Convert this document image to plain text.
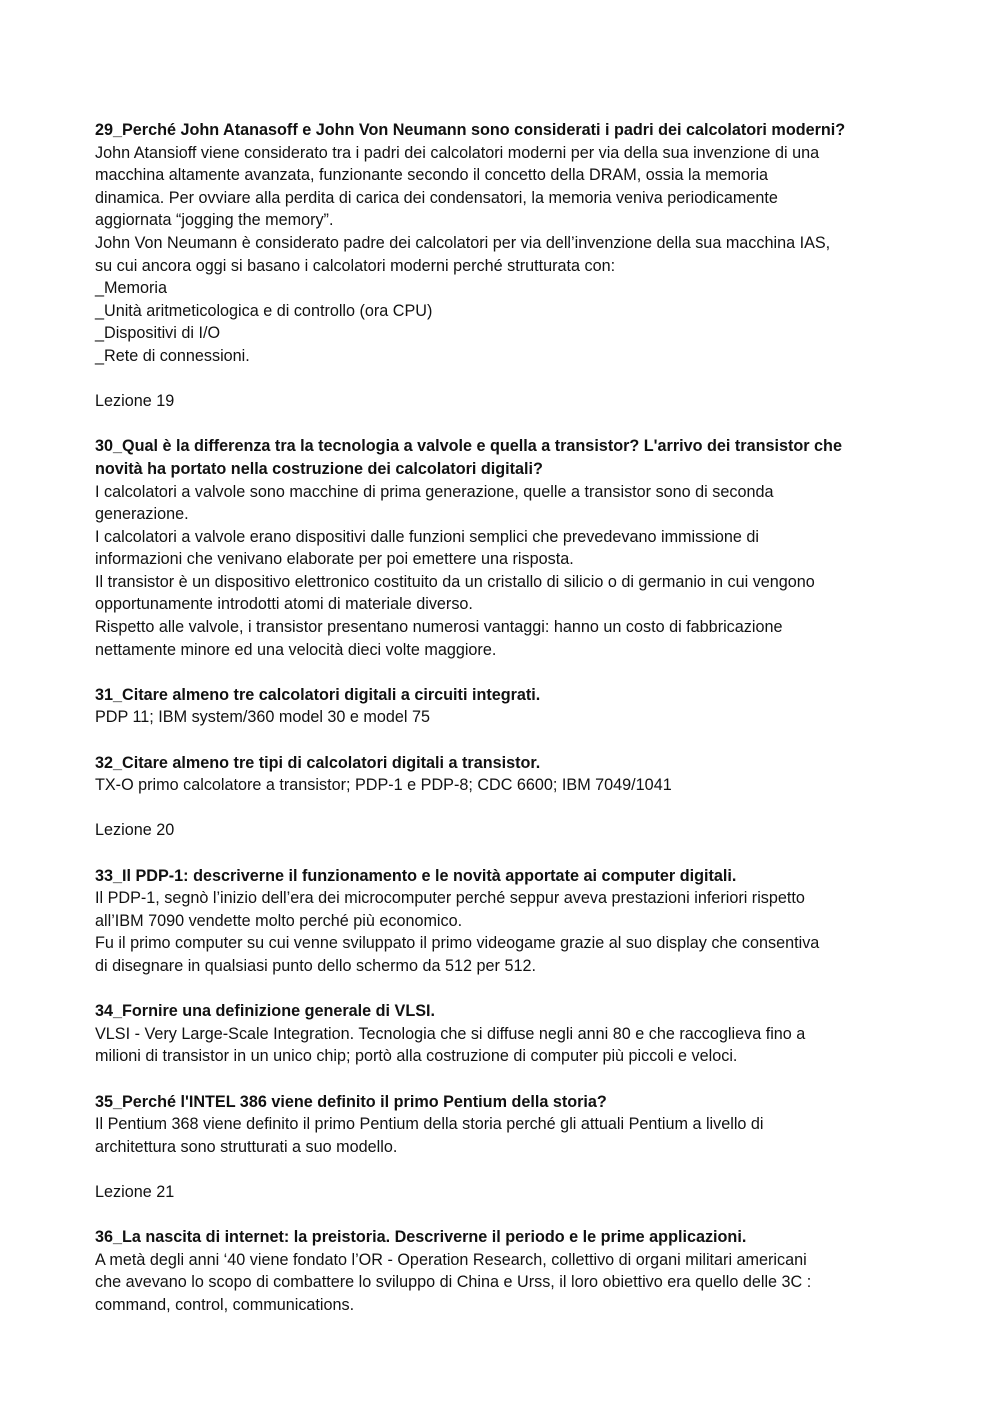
29_Perché John Atanasoff e John Von Neumann sono considerati i padri dei calcolatori moderni?
John Atansioff viene considerato tra i padri dei calcolatori moderni per via della sua invenzione di una
macchina altamente avanzata, funzionante secondo il concetto della DRAM, ossia la memoria
dinamica. Per ovviare alla perdita di carica dei condensatori, la memoria veniva periodicamente
aggiornata “jogging the memory”.
John Von Neumann è considerato padre dei calcolatori per via dell’invenzione della sua macchina IAS,
su cui ancora oggi si basano i calcolatori moderni perché strutturata con:
_Memoria
_Unità aritmeticologica e di controllo (ora CPU)
_Dispositivi di I/O
_Rete di connessioni.
Lezione 19
30_Qual è la differenza tra la tecnologia a valvole e quella a transistor? L'arrivo dei transistor che
novità ha portato nella costruzione dei calcolatori digitali?
I calcolatori a valvole sono macchine di prima generazione, quelle a transistor sono di seconda
generazione.
I calcolatori a valvole erano dispositivi dalle funzioni semplici che prevedevano immissione di
informazioni che venivano elaborate per poi emettere una risposta.
Il transistor è un dispositivo elettronico costituito da un cristallo di silicio o di germanio in cui vengono
opportunamente introdotti atomi di materiale diverso.
Rispetto alle valvole, i transistor presentano numerosi vantaggi: hanno un costo di fabbricazione
nettamente minore ed una velocità dieci volte maggiore.
31_Citare almeno tre calcolatori digitali a circuiti integrati.
PDP 11; IBM system/360 model 30 e model 75
32_Citare almeno tre tipi di calcolatori digitali a transistor.
TX-O primo calcolatore a transistor; PDP-1 e PDP-8; CDC 6600; IBM 7049/1041
Lezione 20
33_Il PDP-1: descriverne il funzionamento e le novità apportate ai computer digitali.
Il PDP-1, segnò l’inizio dell’era dei microcomputer perché seppur aveva prestazioni inferiori rispetto
all’IBM 7090 vendette molto perché più economico.
Fu il primo computer su cui venne sviluppato il primo videogame grazie al suo display che consentiva
di disegnare in qualsiasi punto dello schermo da 512 per 512.
34_Fornire una definizione generale di VLSI.
VLSI - Very Large-Scale Integration. Tecnologia che si diffuse negli anni 80 e che raccoglieva fino a
milioni di transistor in un unico chip; portò alla costruzione di computer più piccoli e veloci.
35_Perché l'INTEL 386 viene definito il primo Pentium della storia?
Il Pentium 368 viene definito il primo Pentium della storia perché gli attuali Pentium a livello di
architettura sono strutturati a suo modello.
Lezione 21
36_La nascita di internet: la preistoria. Descriverne il periodo e le prime applicazioni.
A metà degli anni ‘40 viene fondato l’OR - Operation Research, collettivo di organi militari americani
che avevano lo scopo di combattere lo sviluppo di China e Urss, il loro obiettivo era quello delle 3C :
command, control, communications.
